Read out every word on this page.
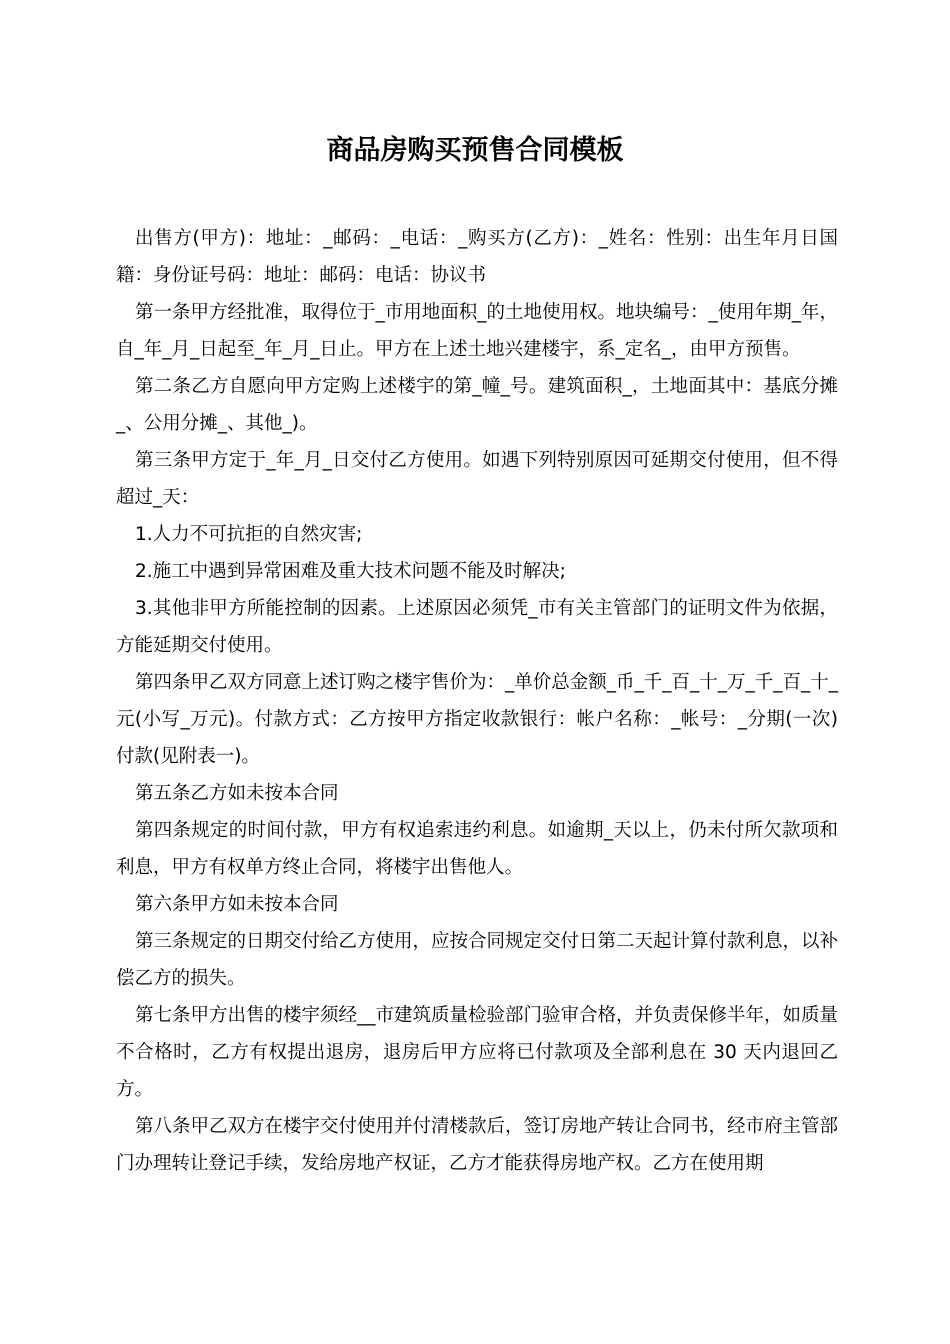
商品房购买预售合同模板

出售方(甲方)：地址：_邮码：_电话：_购买方(乙方)：_姓名：性别：出生年月日国籍：身份证号码：地址：邮码：电话：协议书

第一条甲方经批准，取得位于_市用地面积_的土地使用权。地块编号：_使用年期_年，自_年_月_日起至_年_月_日止。甲方在上述土地兴建楼宇，系_定名_，由甲方预售。

第二条乙方自愿向甲方定购上述楼宇的第_幢_号。建筑面积_，土地面其中：基底分摊_、公用分摊_、其他_)。

第三条甲方定于_年_月_日交付乙方使用。如遇下列特别原因可延期交付使用，但不得超过_天：

1.人力不可抗拒的自然灾害;

2.施工中遇到异常困难及重大技术问题不能及时解决;

3.其他非甲方所能控制的因素。上述原因必须凭_市有关主管部门的证明文件为依据，方能延期交付使用。

第四条甲乙双方同意上述订购之楼宇售价为：_单价总金额_币_千_百_十_万_千_百_十_元(小写_万元)。付款方式：乙方按甲方指定收款银行：帐户名称：_帐号：_分期(一次)付款(见附表一)。

第五条乙方如未按本合同

第四条规定的时间付款，甲方有权追索违约利息。如逾期_天以上，仍未付所欠款项和利息，甲方有权单方终止合同，将楼宇出售他人。

第六条甲方如未按本合同

第三条规定的日期交付给乙方使用，应按合同规定交付日第二天起计算付款利息，以补偿乙方的损失。

第七条甲方出售的楼宇须经__市建筑质量检验部门验审合格，并负责保修半年，如质量不合格时，乙方有权提出退房，退房后甲方应将已付款项及全部利息在 30 天内退回乙方。

第八条甲乙双方在楼宇交付使用并付清楼款后，签订房地产转让合同书，经市府主管部门办理转让登记手续，发给房地产权证，乙方才能获得房地产权。乙方在使用期
